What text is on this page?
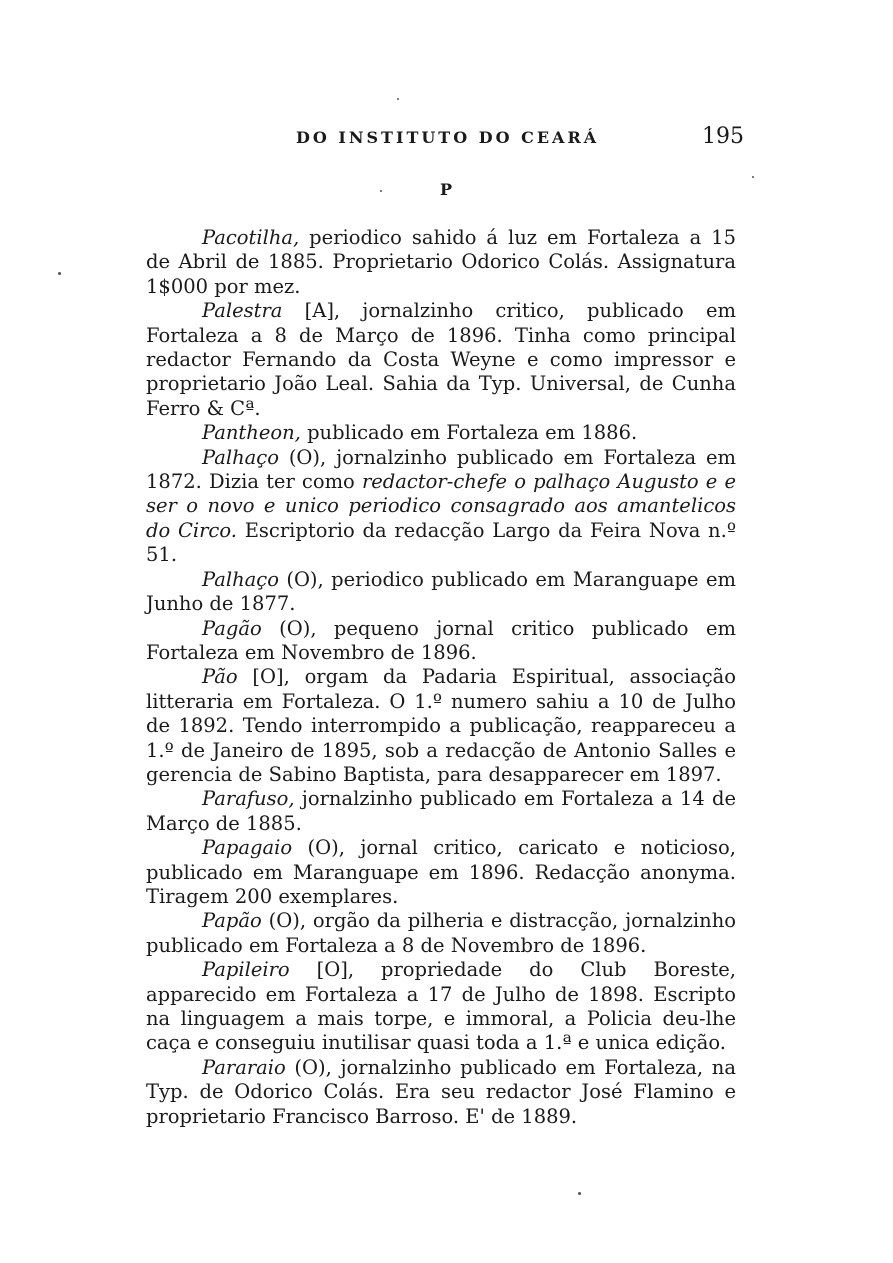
DO INSTITUTO DO CEARÁ	195
P

Pacotilha, periodico sahido á luz em Fortaleza a 15 de Abril de 1885. Proprietario Odorico Colás. Assignatura 1$000 por mez.

Palestra [A], jornalzinho critico, publicado em Fortaleza a 8 de Março de 1896. Tinha como principal redactor Fernando da Costa Weyne e como impressor e proprietario João Leal. Sahia da Typ. Universal, de Cunha Ferro & Cª.

Pantheon, publicado em Fortaleza em 1886.

Palhaço (O), jornalzinho publicado em Fortaleza em 1872. Dizia ter como redactor-chefe o palhaço Augusto e e ser o novo e unico periodico consagrado aos amantelicos do Circo. Escriptorio da redacção Largo da Feira Nova n.º 51.

Palhaço (O), periodico publicado em Maranguape em Junho de 1877.

Pagão (O), pequeno jornal critico publicado em Fortaleza em Novembro de 1896.

Pão [O], orgam da Padaria Espiritual, associação litteraria em Fortaleza. O 1.º numero sahiu a 10 de Julho de 1892. Tendo interrompido a publicação, reappareceu a 1.º de Janeiro de 1895, sob a redacção de Antonio Salles e gerencia de Sabino Baptista, para desapparecer em 1897.

Parafuso, jornalzinho publicado em Fortaleza a 14 de Março de 1885.

Papagaio (O), jornal critico, caricato e noticioso, publicado em Maranguape em 1896. Redacção anonyma. Tiragem 200 exemplares.

Papão (O), orgão da pilheria e distracção, jornalzinho publicado em Fortaleza a 8 de Novembro de 1896.

Papileiro [O], propriedade do Club Boreste, apparecido em Fortaleza a 17 de Julho de 1898. Escripto na linguagem a mais torpe, e immoral, a Policia deu-lhe caça e conseguiu inutilisar quasi toda a 1.ª e unica edição.

Pararaio (O), jornalzinho publicado em Fortaleza, na Typ. de Odorico Colás. Era seu redactor José Flamino e proprietario Francisco Barroso. E' de 1889.
